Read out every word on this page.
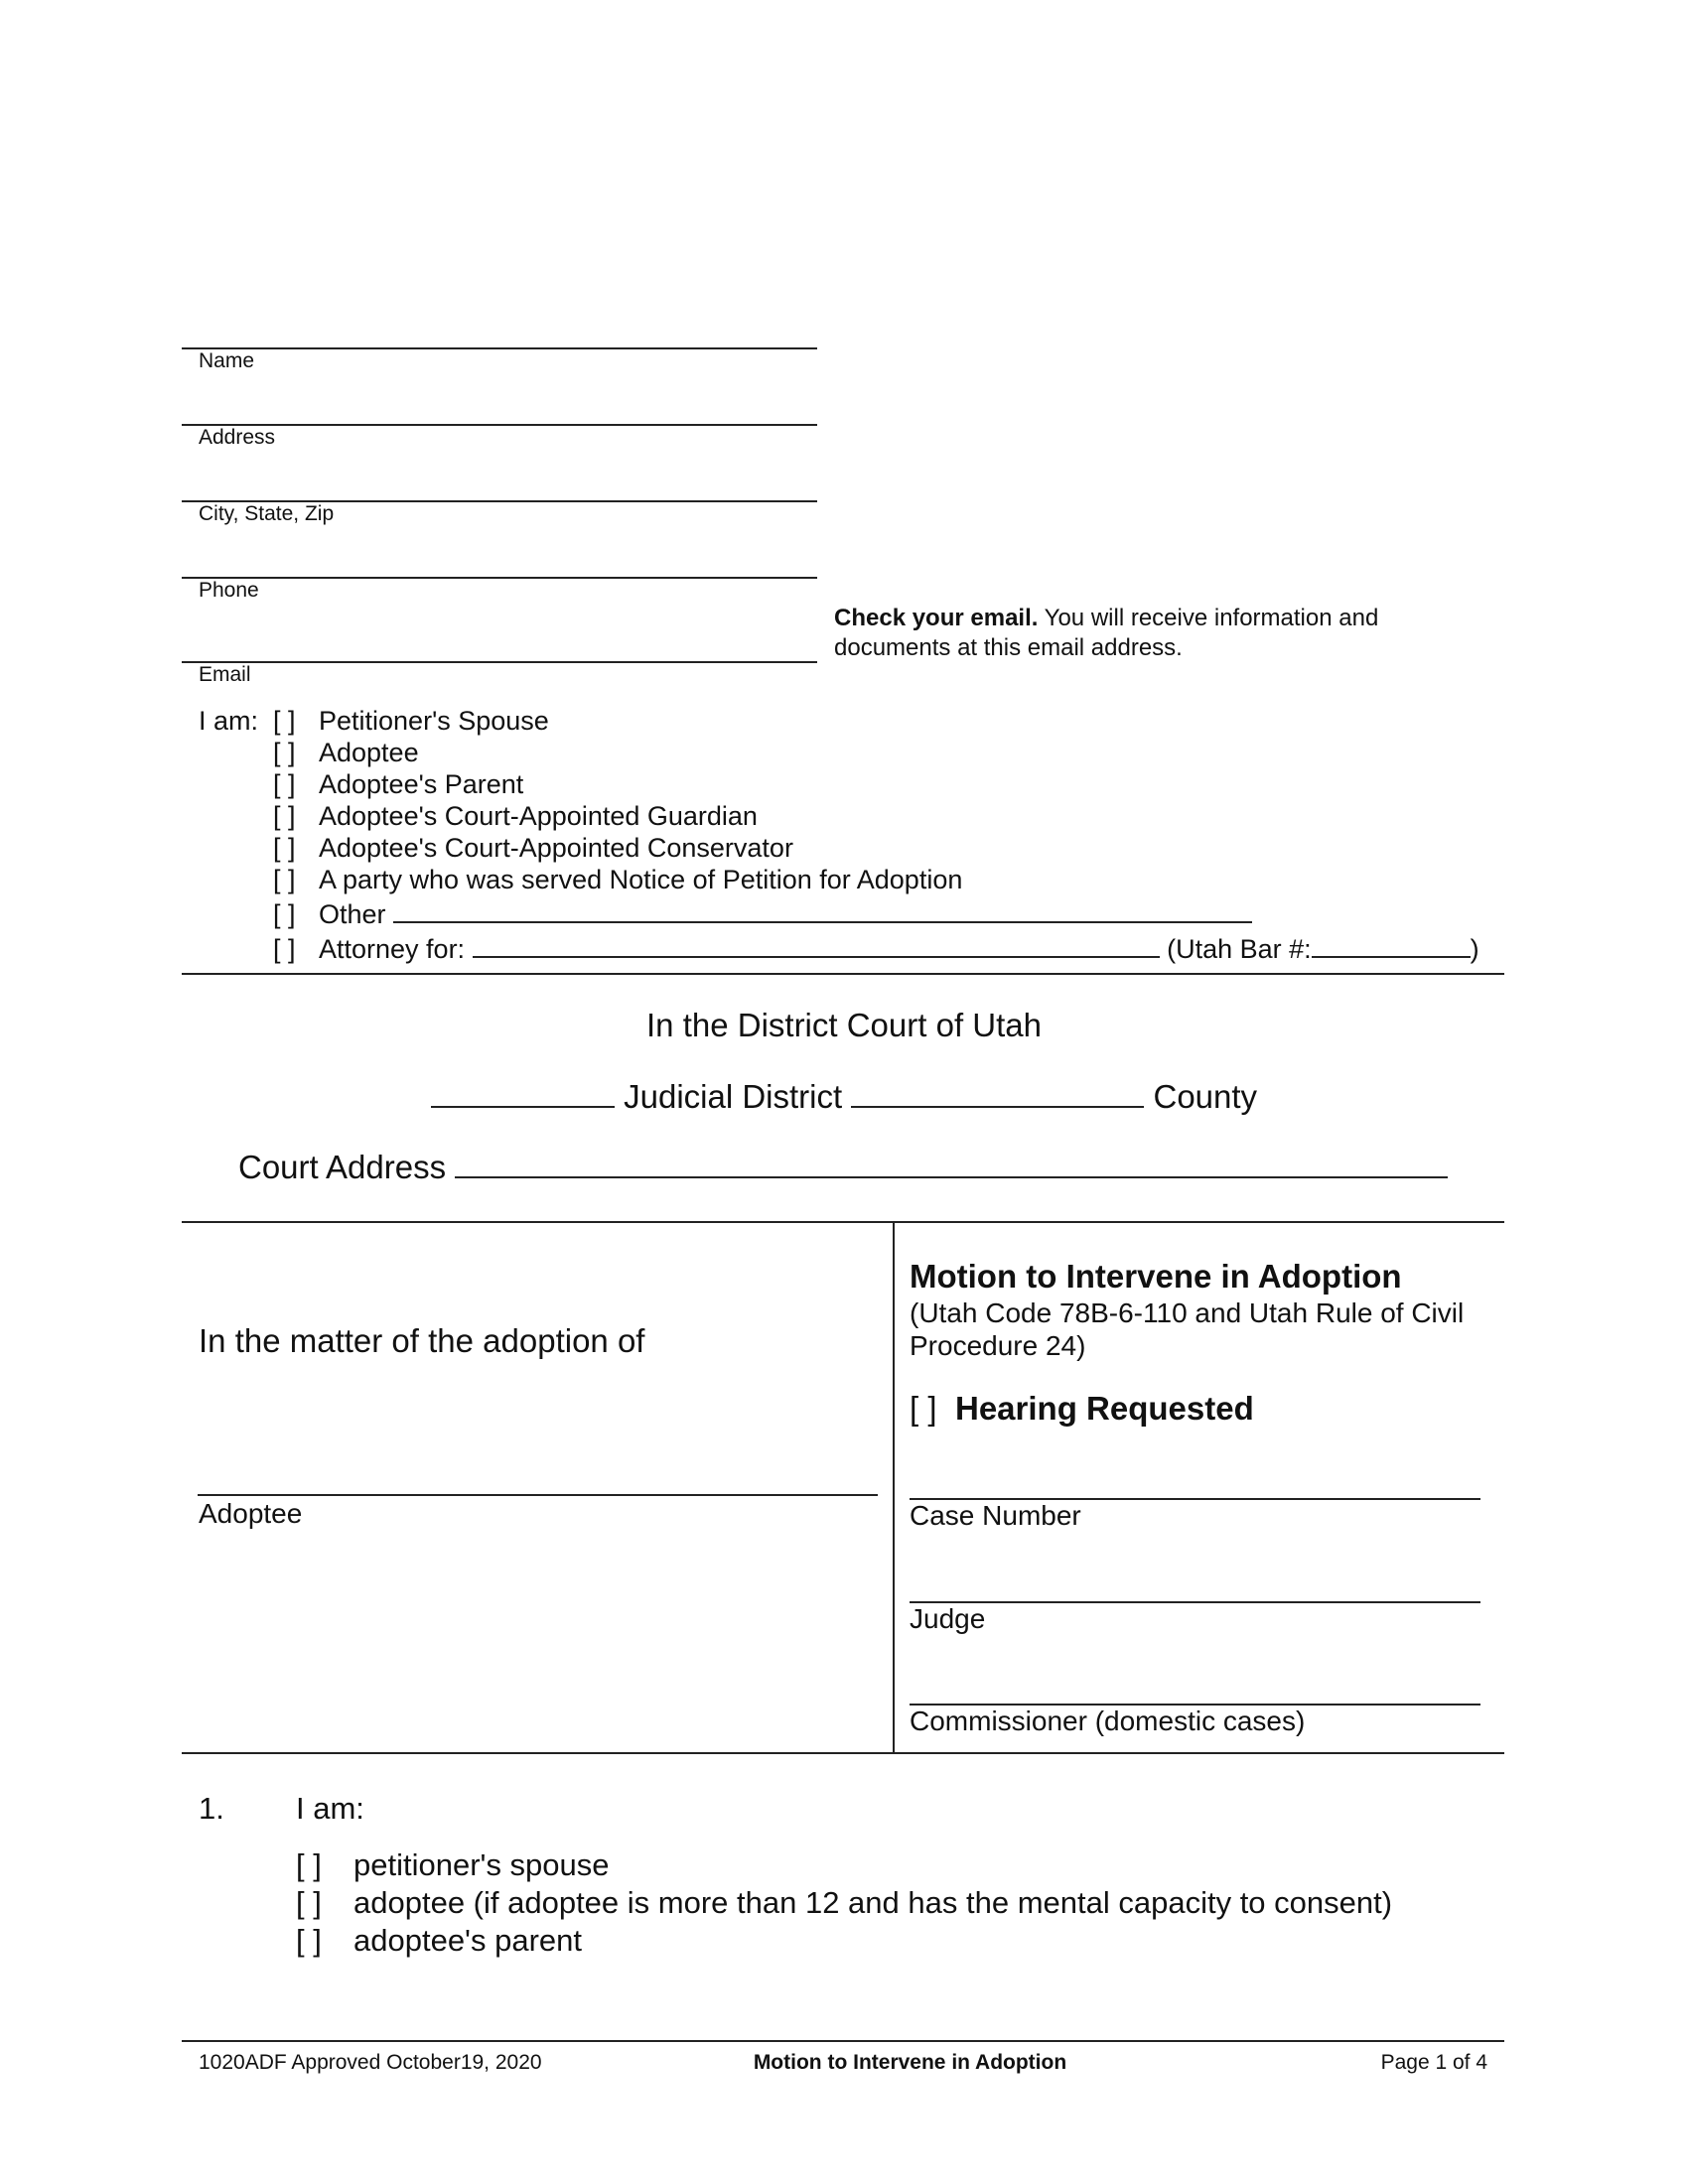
Name
Address
City, State, Zip
Phone
Email
Check your email. You will receive information and documents at this email address.
I am: [ ] Petitioner's Spouse
[ ] Adoptee
[ ] Adoptee's Parent
[ ] Adoptee's Court-Appointed Guardian
[ ] Adoptee's Court-Appointed Conservator
[ ] A party who was served Notice of Petition for Adoption
[ ] Other
[ ] Attorney for:	(Utah Bar #:	)
In the District Court of Utah
Judicial District	County
Court Address
In the matter of the adoption of
Adoptee
Motion to Intervene in Adoption
(Utah Code 78B-6-110 and Utah Rule of Civil Procedure 24)
[ ] Hearing Requested
Case Number
Judge
Commissioner (domestic cases)
1. I am:
[ ] petitioner's spouse
[ ] adoptee (if adoptee is more than 12 and has the mental capacity to consent)
[ ] adoptee's parent
1020ADF Approved October19, 2020	Motion to Intervene in Adoption	Page 1 of 4
